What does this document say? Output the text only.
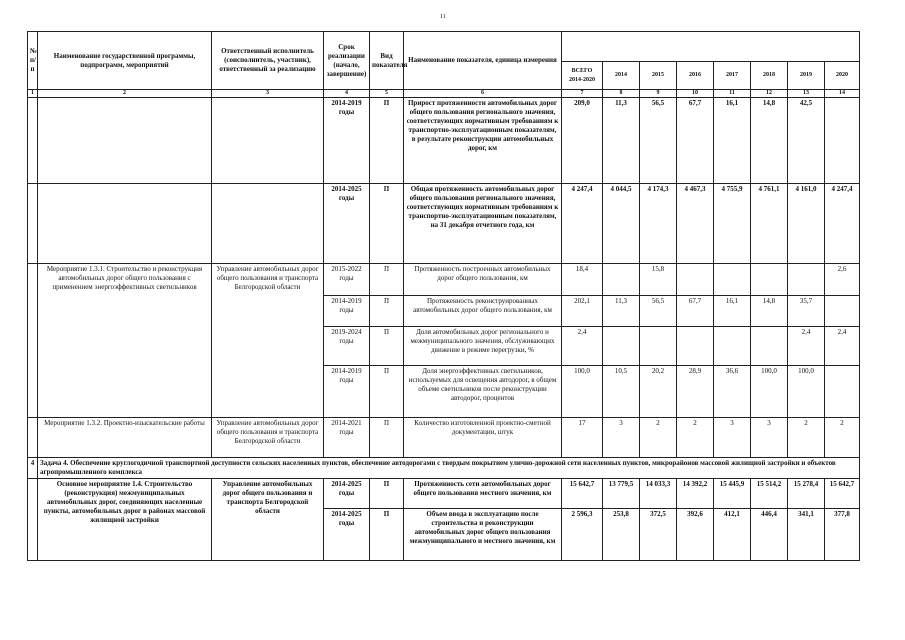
11
№ п/п	Наименование государственной программы, подпрограмм, мероприятий	Ответственный исполнитель (соисполнитель, участник), ответственный за реализацию	Срок реализации (начало, завершение)	Вид показателя	Наименование показателя, единица измерения								
						ВСЕГО 2014-2020	2014	2015	2016	2017	2018	2019	2020
1	2	3	4	5	6	7	8	9	10	11	12	13	14
			2014-2019 годы	П	Прирост протяженности автомобильных дорог общего пользования регионального значения, соответствующих нормативным требованиям к транспортно-эксплуатационным показателям, в результате реконструкции автомобильных дорог, км	209,0	11,3	56,5	67,7	16,1	14,8	42,5	
			2014-2025 годы	П	Общая протяженность автомобильных дорог общего пользования регионального значения, соответствующих нормативным требованиям к транспортно-эксплуатационным показателям, на 31 декабря отчетного года, км	4 247,4	4 044,5	4 174,3	4 467,3	4 755,9	4 761,1	4 161,0	4 247,4
	Мероприятие 1.3.1. Строительство и реконструкция автомобильных дорог общего пользования с применением энергоэффективных светильников	Управление автомобильных дорог общего пользования и транспорта Белгородской области	2015-2022 годы	П	Протяженность построенных автомобильных дорог общего пользования, км	18,4		15,8					2,6
			2014-2019 годы	П	Протяженность реконструированных автомобильных дорог общего пользования, км	202,1	11,3	56,5	67,7	16,1	14,8	35,7	
			2019-2024 годы	П	Доля автомобильных дорог регионального и межмуниципального значения, обслуживающих движение в режиме перегрузки, %	2,4						2,4	2,4
			2014-2019 годы	П	Доля энергоэффективных светильников, используемых для освещения автодорог, в общем объеме светильников после реконструкции автодорог, процентов	100,0	10,5	20,2	28,9	36,6	100,0	100,0	
	Мероприятие 1.3.2. Проектно-изыскательские работы	Управление автомобильных дорог общего пользования и транспорта Белгородской области	2014-2021 годы	П	Количество изготовленной проектно-сметной документации, штук	17	3	2	2	3	3	2	2
4	Задача 4. Обеспечение круглогодичной транспортной доступности сельских населенных пунктов, обеспечение автодорогами с твердым покрытием улично-дорожной сети населенных пунктов, микрорайонов массовой жилищной застройки и объектов агропромышленного комплекса												
	Основное мероприятие 1.4. Строительство (реконструкция) межмуниципальных автомобильных дорог, соединяющих населенные пункты, автомобильных дорог в районах массовой жилищной застройки	Управление автомобильных дорог общего пользования и транспорта Белгородской области	2014-2025 годы	П	Протяженность сети автомобильных дорог общего пользования местного значения, км	15 642,7	13 779,5	14 033,3	14 392,2	15 445,9	15 514,2	15 278,4	15 642,7
			2014-2025 годы	П	Объем ввода в эксплуатацию после строительства и реконструкции автомобильных дорог общего пользования межмуниципального и местного значения, км	2 596,3	253,8	372,5	392,6	412,1	446,4	341,1	377,8
